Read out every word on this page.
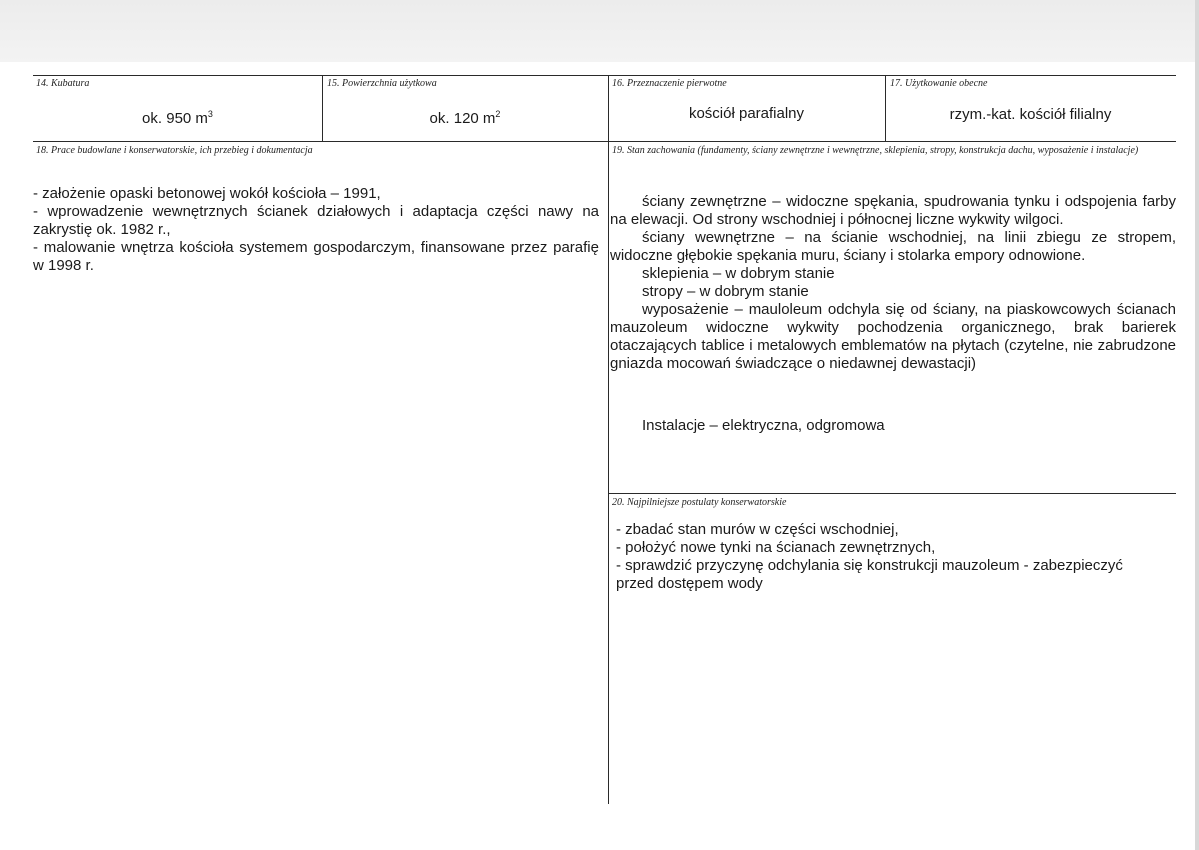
14. Kubatura
ok. 950 $m^3$
15. Powierzchnia użytkowa
ok. 120 $m^2$
16. Przeznaczenie pierwotne
kościół parafialny
17. Użytkowanie obecne
rzym.-kat. kościół filialny
18. Prace budowlane i konserwatorskie, ich przebieg i dokumentacja

- założenie opaski betonowej wokół kościoła – 1991,

- wprowadzenie wewnętrznych ścianek działowych i adaptacja części nawy na zakrystię ok. 1982 r.,

- malowanie wnętrza kościoła systemem gospodarczym, finansowane przez parafię w 1998 r.

19. Stan zachowania (fundamenty, ściany zewnętrzne i wewnętrzne, sklepienia, stropy, konstrukcja dachu, wyposażenie i instalacje)

ściany zewnętrzne – widoczne spękania, spudrowania tynku i odspojenia farby na elewacji. Od strony wschodniej i północnej liczne wykwity wilgoci.

ściany wewnętrzne – na ścianie wschodniej, na linii zbiegu ze stropem, widoczne głębokie spękania muru, ściany i stolarka empory odnowione.

sklepienia – w dobrym stanie

stropy – w dobrym stanie

wyposażenie – mauloleum odchyla się od ściany, na piaskowcowych ścianach mauzoleum widoczne wykwity pochodzenia organicznego, brak barierek otaczających tablice i metalowych emblematów na płytach (czytelne, nie zabrudzone gniazda mocowań świadczące o niedawnej dewastacji)

Instalacje – elektryczna, odgromowa
20. Najpilniejsze postulaty konserwatorskie

- zbadać stan murów w części wschodniej,

- położyć nowe tynki na ścianach zewnętrznych,

- sprawdzić przyczynę odchylania się konstrukcji mauzoleum - zabezpieczyć przed dostępem wody
